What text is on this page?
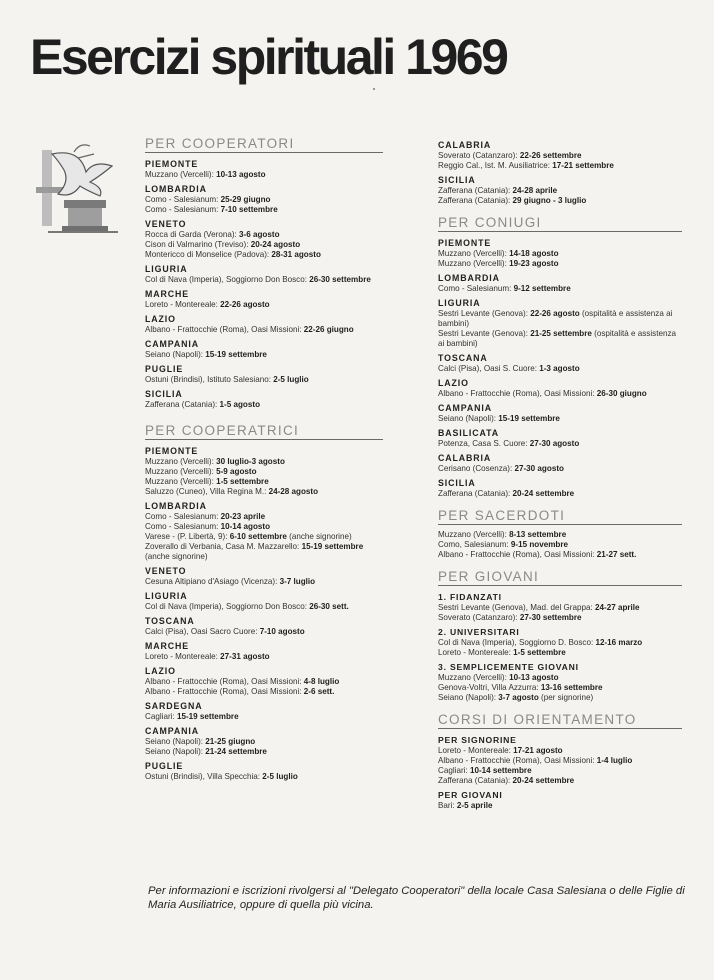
Esercizi spirituali 1969
PER COOPERATORI
PIEMONTE
Muzzano (Vercelli): 10-13 agosto
LOMBARDIA
Como - Salesianum: 25-29 giugno
Como - Salesianum: 7-10 settembre
VENETO
Rocca di Garda (Verona): 3-6 agosto
Cison di Valmarino (Treviso): 20-24 agosto
Montericco di Monselice (Padova): 28-31 agosto
LIGURIA
Col di Nava (Imperia), Soggiorno Don Bosco: 26-30 settembre
MARCHE
Loreto - Montereale: 22-26 agosto
LAZIO
Albano - Frattocchie (Roma), Oasi Missioni: 22-26 giugno
CAMPANIA
Seiano (Napoli): 15-19 settembre
PUGLIE
Ostuni (Brindisi), Istituto Salesiano: 2-5 luglio
SICILIA
Zafferana (Catania): 1-5 agosto
PER COOPERATRICI
PIEMONTE
Muzzano (Vercelli): 30 luglio-3 agosto
Muzzano (Vercelli): 5-9 agosto
Muzzano (Vercelli): 1-5 settembre
Saluzzo (Cuneo), Villa Regina M.: 24-28 agosto
LOMBARDIA
Como - Salesianum: 20-23 aprile
Como - Salesianum: 10-14 agosto
Varese - (P. Libertà, 9): 6-10 settembre (anche signorine)
Zoverallo di Verbania, Casa M. Mazzarello: 15-19 settembre (anche signorine)
VENETO
Cesuna Altipiano d'Asiago (Vicenza): 3-7 luglio
LIGURIA
Col di Nava (Imperia), Soggiorno Don Bosco: 26-30 sett.
TOSCANA
Calci (Pisa), Oasi Sacro Cuore: 7-10 agosto
MARCHE
Loreto - Montereale: 27-31 agosto
LAZIO
Albano - Frattocchie (Roma), Oasi Missioni: 4-8 luglio
Albano - Frattocchie (Roma), Oasi Missioni: 2-6 sett.
SARDEGNA
Cagliari: 15-19 settembre
CAMPANIA
Seiano (Napoli): 21-25 giugno
Seiano (Napoli): 21-24 settembre
PUGLIE
Ostuni (Brindisi), Villa Specchia: 2-5 luglio
CALABRIA
Soverato (Catanzaro): 22-26 settembre
Reggio Cal., Ist. M. Ausiliatrice: 17-21 settembre
SICILIA
Zafferana (Catania): 24-28 aprile
Zafferana (Catania): 29 giugno - 3 luglio
PER CONIUGI
PIEMONTE
Muzzano (Vercelli): 14-18 agosto
Muzzano (Vercelli): 19-23 agosto
LOMBARDIA
Como - Salesianum: 9-12 settembre
LIGURIA
Sestri Levante (Genova): 22-26 agosto (ospitalità e assistenza ai bambini)
Sestri Levante (Genova): 21-25 settembre (ospitalità e assistenza ai bambini)
TOSCANA
Calci (Pisa), Oasi S. Cuore: 1-3 agosto
LAZIO
Albano - Frattocchie (Roma), Oasi Missioni: 26-30 giugno
CAMPANIA
Seiano (Napoli): 15-19 settembre
BASILICATA
Potenza, Casa S. Cuore: 27-30 agosto
CALABRIA
Cerisano (Cosenza): 27-30 agosto
SICILIA
Zafferana (Catania): 20-24 settembre
PER SACERDOTI
Muzzano (Vercelli): 8-13 settembre
Como, Salesianum: 9-15 novembre
Albano - Frattocchie (Roma), Oasi Missioni: 21-27 sett.
PER GIOVANI
1. FIDANZATI
Sestri Levante (Genova), Mad. del Grappa: 24-27 aprile
Soverato (Catanzaro): 27-30 settembre
2. UNIVERSITARI
Col di Nava (Imperia), Soggiorno D. Bosco: 12-16 marzo
Loreto - Montereale: 1-5 settembre
3. SEMPLICEMENTE GIOVANI
Muzzano (Vercelli): 10-13 agosto
Genova-Voltri, Villa Azzurra: 13-16 settembre
Seiano (Napoli): 3-7 agosto (per signorine)
CORSI DI ORIENTAMENTO
PER SIGNORINE
Loreto - Montereale: 17-21 agosto
Albano - Frattocchie (Roma), Oasi Missioni: 1-4 luglio
Cagliari: 10-14 settembre
Zafferana (Catania): 20-24 settembre
PER GIOVANI
Bari: 2-5 aprile
Per informazioni e iscrizioni rivolgersi al "Delegato Cooperatori" della locale Casa Salesiana o delle Figlie di Maria Ausiliatrice, oppure di quella più vicina.
